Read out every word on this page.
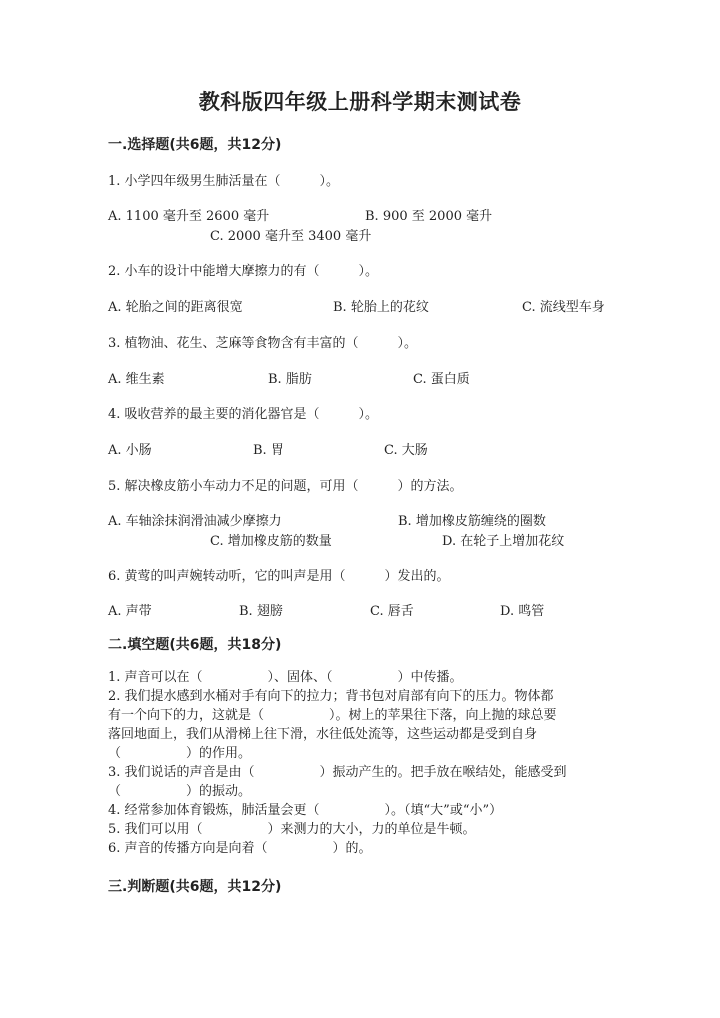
教科版四年级上册科学期末测试卷
一.选择题(共6题，共12分)
1. 小学四年级男生肺活量在（　　　）。
A. 1100 毫升至 2600 毫升	B. 900 至 2000 毫升
C. 2000 毫升至 3400 毫升
2. 小车的设计中能增大摩擦力的有（　　　）。
A. 轮胎之间的距离很宽	B. 轮胎上的花纹	C. 流线型车身
3. 植物油、花生、芝麻等食物含有丰富的（　　　）。
A. 维生素	B. 脂肪	C. 蛋白质
4. 吸收营养的最主要的消化器官是（　　　）。
A. 小肠	B. 胃	C. 大肠
5. 解决橡皮筋小车动力不足的问题，可用（　　　）的方法。
A. 车轴涂抹润滑油减少摩擦力	B. 增加橡皮筋缠绕的圈数
C. 增加橡皮筋的数量	D. 在轮子上增加花纹
6. 黄莺的叫声婉转动听，它的叫声是用（　　　）发出的。
A. 声带	B. 翅膀	C. 唇舌	D. 鸣管
二.填空题(共6题，共18分)
1. 声音可以在（　　　　　）、固体、（　　　　　）中传播。
2. 我们提水感到水桶对手有向下的拉力；背书包对肩部有向下的压力。物体都
有一个向下的力，这就是（　　　　　）。树上的苹果往下落，向上抛的球总要
落回地面上，我们从滑梯上往下滑，水往低处流等，这些运动都是受到自身
（　　　　　）的作用。
3. 我们说话的声音是由（　　　　　）振动产生的。把手放在喉结处，能感受到
（　　　　　）的振动。
4. 经常参加体育锻炼，肺活量会更（　　　　　）。（填“大”或“小”）
5. 我们可以用（　　　　　）来测力的大小，力的单位是牛顿。
6. 声音的传播方向是向着（　　　　　）的。
三.判断题(共6题，共12分)
